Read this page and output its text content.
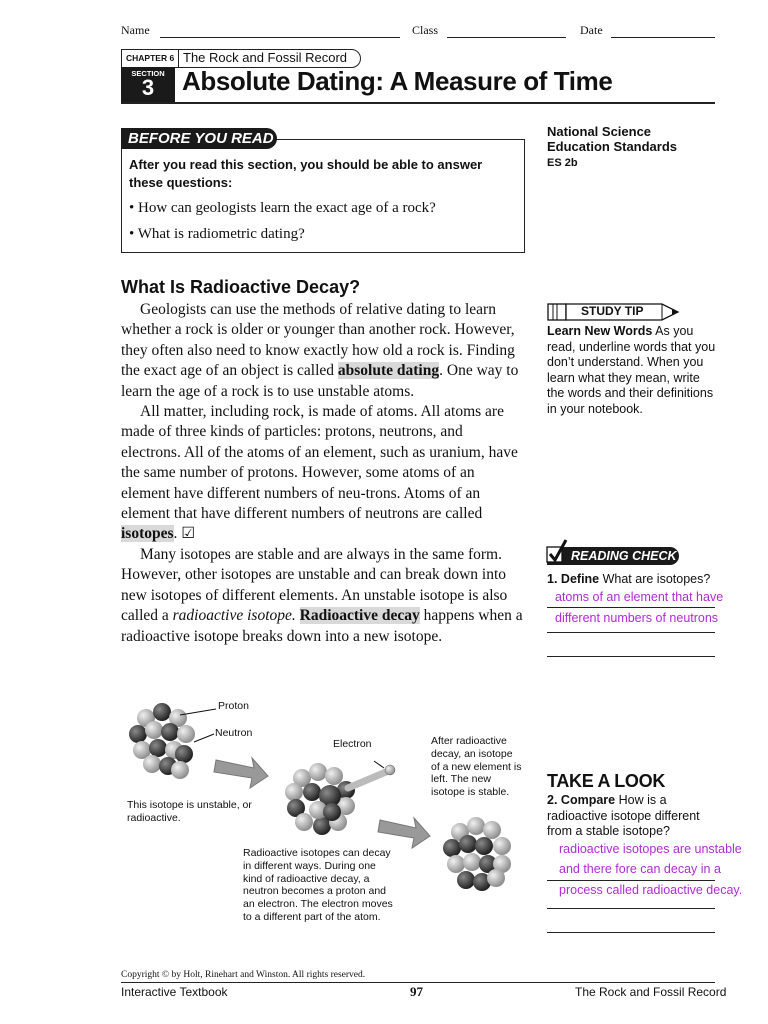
Name	Class	Date
CHAPTER 6 The Rock and Fossil Record
SECTION
3	Absolute Dating: A Measure of Time
BEFORE YOU READ
After you read this section, you should be able to answer these questions:
• How can geologists learn the exact age of a rock?
• What is radiometric dating?
National Science
Education Standards
ES 2b
What Is Radioactive Decay?

Geologists can use the methods of relative dating to learn whether a rock is older or younger than another rock. However, they often also need to know exactly how old a rock is. Finding the exact age of an object is called absolute dating. One way to learn the age of a rock is to use unstable atoms.

All matter, including rock, is made of atoms. All atoms are made of three kinds of particles: protons, neutrons, and electrons. All of the atoms of an element, such as uranium, have the same number of protons. However, some atoms of an element have different numbers of neu-trons. Atoms of an element that have different numbers of neutrons are called isotopes. ☑

Many isotopes are stable and are always in the same form. However, other isotopes are unstable and can break down into new isotopes of different elements. An unstable isotope is also called a radioactive isotope. Radioactive decay happens when a radioactive isotope breaks down into a new isotope.

STUDY TIP
Learn New Words As you read, underline words that you don’t understand. When you learn what they mean, write the words and their definitions in your notebook.
READING CHECK
1. Define What are isotopes?
atoms of an element that have
different numbers of neutrons
TAKE A LOOK
2. Compare How is a radioactive isotope different from a stable isotope?
radioactive isotopes are unstable
and there fore can decay in a
process called radioactive decay.
Proton
Neutron
Electron
This isotope is unstable, or radioactive.
Radioactive isotopes can decay in different ways. During one kind of radioactive decay, a neutron becomes a proton and an electron. The electron moves to a different part of the atom.
After radioactive decay, an isotope of a new element is left. The new isotope is stable.
Copyright © by Holt, Rinehart and Winston. All rights reserved.
Interactive Textbook	97	The Rock and Fossil Record
